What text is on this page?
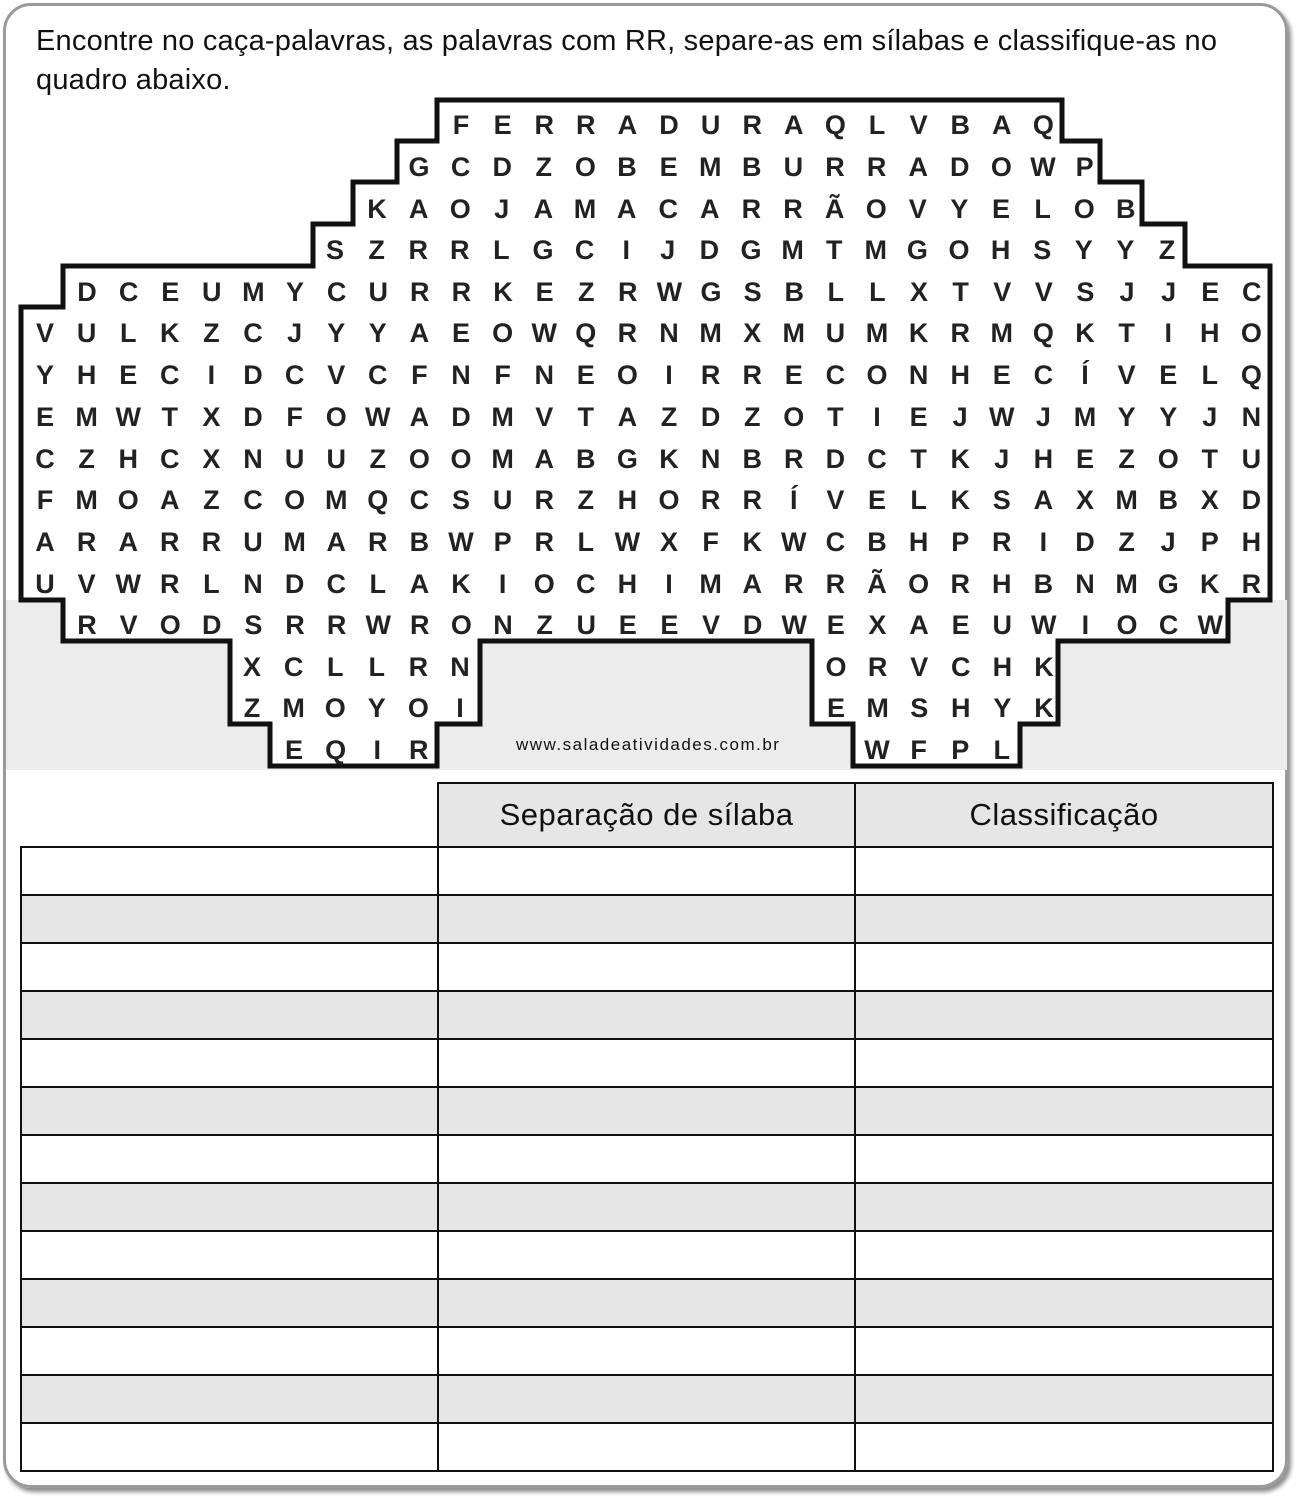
Encontre no caça-palavras, as palavras com RR, separe-as em sílabas e classifique-as no quadro abaixo.

F E R R A D U R A Q L V B A Q
G C D Z O B E M B U R R A D O W P
K A O J A M A C A R R Ã O V Y E L O B
S Z R R L G C I J D G M T M G O H S Y Y Z
D C E U M Y C U R R K E Z R W G S B L L X T V V S J J E C
V U L K Z C J Y Y A E O W Q R N M X M U M K R M Q K T I H O
Y H E C I D C V C F N F N E O I R R E C O N H E C Í V E L Q
E M W T X D F O W A D M V T A Z D Z O T I E J W J M Y Y J N
C Z H C X N U U Z O O M A B G K N B R D C T K J H E Z O T U
F M O A Z C O M Q C S U R Z H O R R Í V E L K S A X M B X D
A R A R R U M A R B W P R L W X F K W C B H P R I D Z J P H
U V W R L N D C L A K I O C H I M A R R Ã O R H B N M G K R
R V O D S R R W R O N Z U E E V D W E X A E U W I O C W
X C L L R N
Z M O Y O I
E Q I R
O R V C H K
E M S H Y K
W F P L

www.saladeatividades.com.br

	Separação de sílaba	Classificação
